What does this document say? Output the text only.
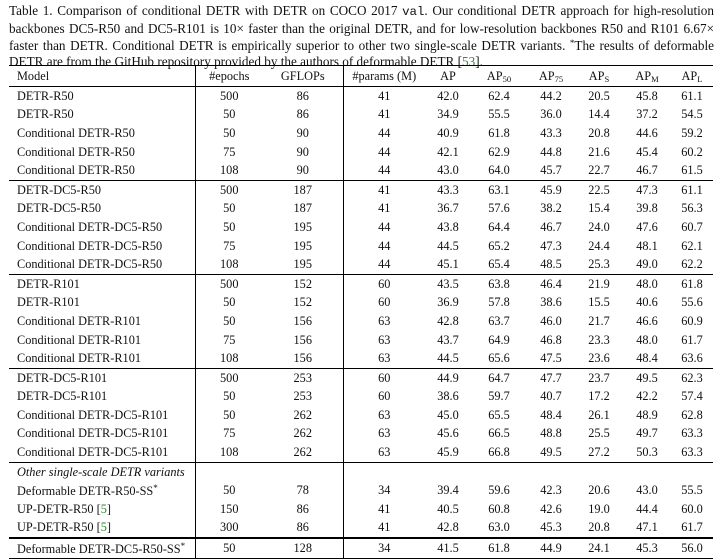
Table 1. Comparison of conditional DETR with DETR on COCO 2017 val. Our conditional DETR approach for high-resolution backbones DC5-R50 and DC5-R101 is 10× faster than the original DETR, and for low-resolution backbones R50 and R101 6.67× faster than DETR. Conditional DETR is empirically superior to other two single-scale DETR variants. *The results of deformable DETR are from the GitHub repository provided by the authors of deformable DETR [53].

Model	#epochs	GFLOPs	#params (M)	AP	$AP_{50}$	$AP_{75}$	$AP_S$	$AP_M$	$AP_L$
DETR-R50	500	86	41	42.0	62.4	44.2	20.5	45.8	61.1
DETR-R50	50	86	41	34.9	55.5	36.0	14.4	37.2	54.5
Conditional DETR-R50	50	90	44	40.9	61.8	43.3	20.8	44.6	59.2
Conditional DETR-R50	75	90	44	42.1	62.9	44.8	21.6	45.4	60.2
Conditional DETR-R50	108	90	44	43.0	64.0	45.7	22.7	46.7	61.5
DETR-DC5-R50	500	187	41	43.3	63.1	45.9	22.5	47.3	61.1
DETR-DC5-R50	50	187	41	36.7	57.6	38.2	15.4	39.8	56.3
Conditional DETR-DC5-R50	50	195	44	43.8	64.4	46.7	24.0	47.6	60.7
Conditional DETR-DC5-R50	75	195	44	44.5	65.2	47.3	24.4	48.1	62.1
Conditional DETR-DC5-R50	108	195	44	45.1	65.4	48.5	25.3	49.0	62.2
DETR-R101	500	152	60	43.5	63.8	46.4	21.9	48.0	61.8
DETR-R101	50	152	60	36.9	57.8	38.6	15.5	40.6	55.6
Conditional DETR-R101	50	156	63	42.8	63.7	46.0	21.7	46.6	60.9
Conditional DETR-R101	75	156	63	43.7	64.9	46.8	23.3	48.0	61.7
Conditional DETR-R101	108	156	63	44.5	65.6	47.5	23.6	48.4	63.6
DETR-DC5-R101	500	253	60	44.9	64.7	47.7	23.7	49.5	62.3
DETR-DC5-R101	50	253	60	38.6	59.7	40.7	17.2	42.2	57.4
Conditional DETR-DC5-R101	50	262	63	45.0	65.5	48.4	26.1	48.9	62.8
Conditional DETR-DC5-R101	75	262	63	45.6	66.5	48.8	25.5	49.7	63.3
Conditional DETR-DC5-R101	108	262	63	45.9	66.8	49.5	27.2	50.3	63.3
Other single-scale DETR variants									
Deformable DETR-R50-SS*	50	78	34	39.4	59.6	42.3	20.6	43.0	55.5
UP-DETR-R50 [5]	150	86	41	40.5	60.8	42.6	19.0	44.4	60.0
UP-DETR-R50 [5]	300	86	41	42.8	63.0	45.3	20.8	47.1	61.7
Deformable DETR-DC5-R50-SS*	50	128	34	41.5	61.8	44.9	24.1	45.3	56.0
